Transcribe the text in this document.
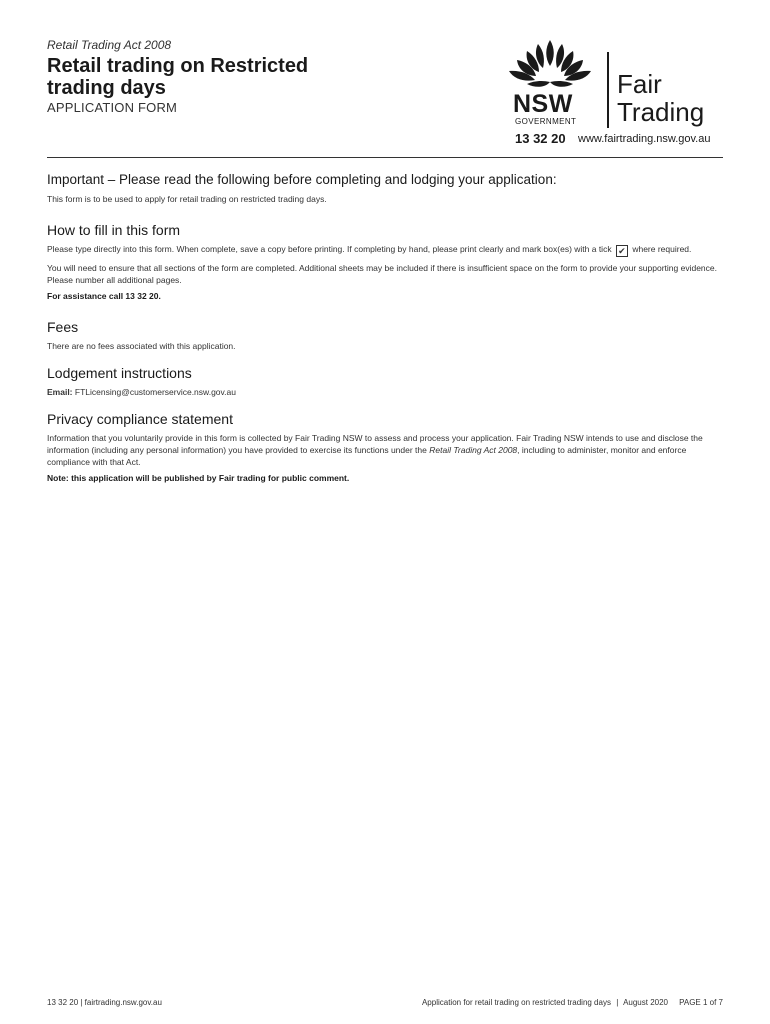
Retail Trading Act 2008
Retail trading on Restricted trading days
APPLICATION FORM	NSW
GOVERNMENT
Fair
Trading
13 32 20 www.fairtrading.nsw.gov.au
Important – Please read the following before completing and lodging your application:

This form is to be used to apply for retail trading on restricted trading days.

How to fill in this form

Please type directly into this form. When complete, save a copy before printing. If completing by hand, please print clearly and mark box(es) with a tick ✔ where required.

You will need to ensure that all sections of the form are completed. Additional sheets may be included if there is insufficient space on the form to provide your supporting evidence. Please number all additional pages.

For assistance call 13 32 20.

Fees

There are no fees associated with this application.

Lodgement instructions

Email: FTLicensing@customerservice.nsw.gov.au

Privacy compliance statement

Information that you voluntarily provide in this form is collected by Fair Trading NSW to assess and process your application. Fair Trading NSW intends to use and disclose the information (including any personal information) you have provided to exercise its functions under the Retail Trading Act 2008, including to administer, monitor and enforce compliance with that Act.

Note: this application will be published by Fair trading for public comment.

13 32 20 | fairtrading.nsw.gov.au	Application for retail trading on restricted trading days | August 2020 PAGE 1 of 7
